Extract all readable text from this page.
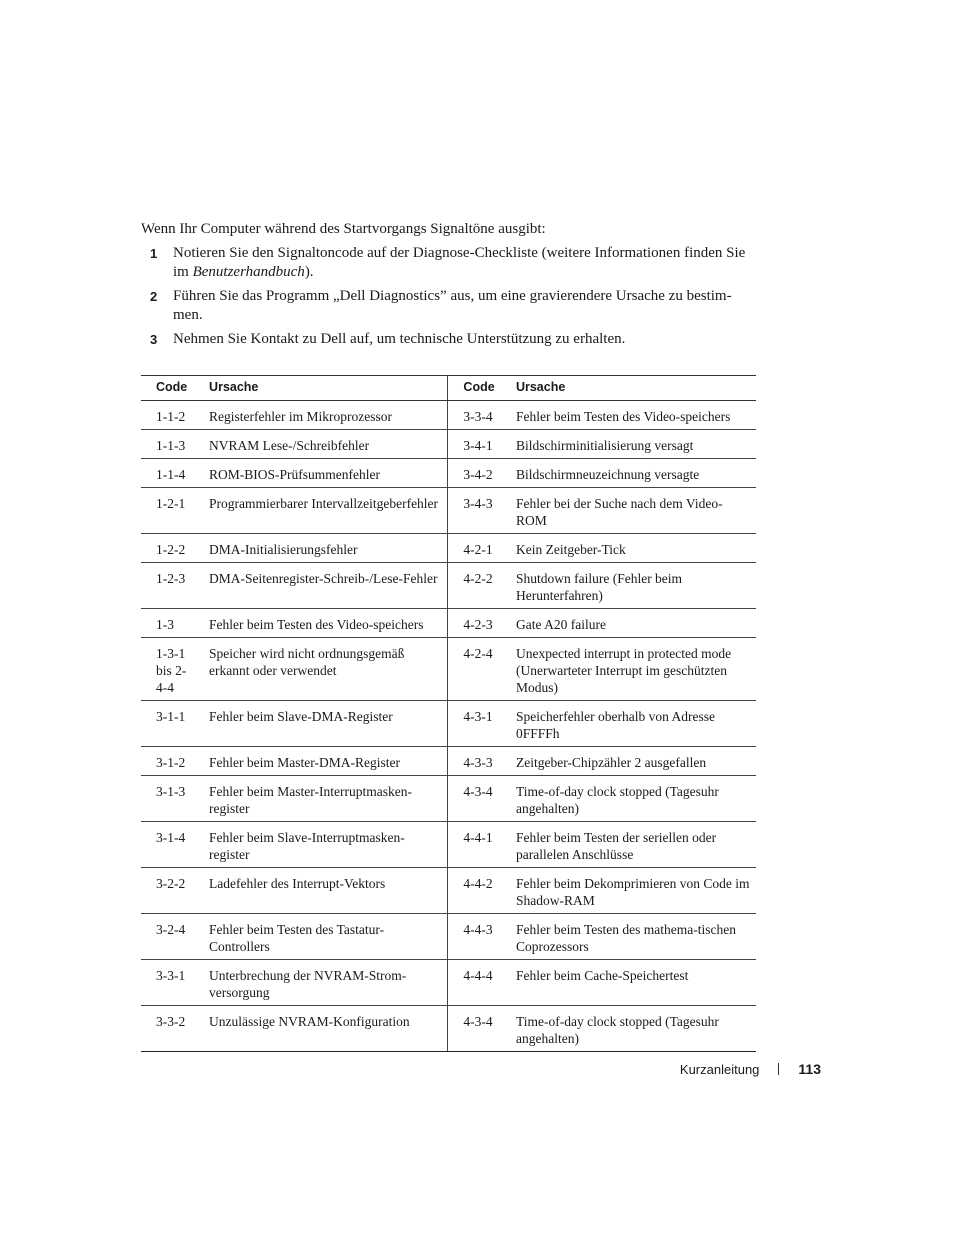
Wenn Ihr Computer während des Startvorgangs Signaltöne ausgibt:

1 Notieren Sie den Signaltoncode auf der Diagnose-Checkliste (weitere Informationen finden Sie im Benutzerhandbuch).
2 Führen Sie das Programm „Dell Diagnostics” aus, um eine gravierendere Ursache zu bestim-men.
3 Nehmen Sie Kontakt zu Dell auf, um technische Unterstützung zu erhalten.
Code	Ursache	Code	Ursache
1-1-2	Registerfehler im Mikroprozessor	3-3-4	Fehler beim Testen des Video-speichers
1-1-3	NVRAM Lese-/Schreibfehler	3-4-1	Bildschirminitialisierung versagt
1-1-4	ROM-BIOS-Prüfsummenfehler	3-4-2	Bildschirmneuzeichnung versagte
1-2-1	Programmierbarer Intervallzeitgeberfehler	3-4-3	Fehler bei der Suche nach dem Video-ROM
1-2-2	DMA-Initialisierungsfehler	4-2-1	Kein Zeitgeber-Tick
1-2-3	DMA-Seitenregister-Schreib-/Lese-Fehler	4-2-2	Shutdown failure (Fehler beim Herunterfahren)
1-3	Fehler beim Testen des Video-speichers	4-2-3	Gate A20 failure
1-3-1 bis 2-4-4	Speicher wird nicht ordnungsgemäß erkannt oder verwendet	4-2-4	Unexpected interrupt in protected mode (Unerwarteter Interrupt im geschützten Modus)
3-1-1	Fehler beim Slave-DMA-Register	4-3-1	Speicherfehler oberhalb von Adresse 0FFFFh
3-1-2	Fehler beim Master-DMA-Register	4-3-3	Zeitgeber-Chipzähler 2 ausgefallen
3-1-3	Fehler beim Master-Interruptmasken-register	4-3-4	Time-of-day clock stopped (Tagesuhr angehalten)
3-1-4	Fehler beim Slave-Interruptmasken-register	4-4-1	Fehler beim Testen der seriellen oder parallelen Anschlüsse
3-2-2	Ladefehler des Interrupt-Vektors	4-4-2	Fehler beim Dekomprimieren von Code im Shadow-RAM
3-2-4	Fehler beim Testen des Tastatur-Controllers	4-4-3	Fehler beim Testen des mathema-tischen Coprozessors
3-3-1	Unterbrechung der NVRAM-Strom-versorgung	4-4-4	Fehler beim Cache-Speichertest
3-3-2	Unzulässige NVRAM-Konfiguration	4-3-4	Time-of-day clock stopped (Tagesuhr angehalten)
Kurzanleitung	113
